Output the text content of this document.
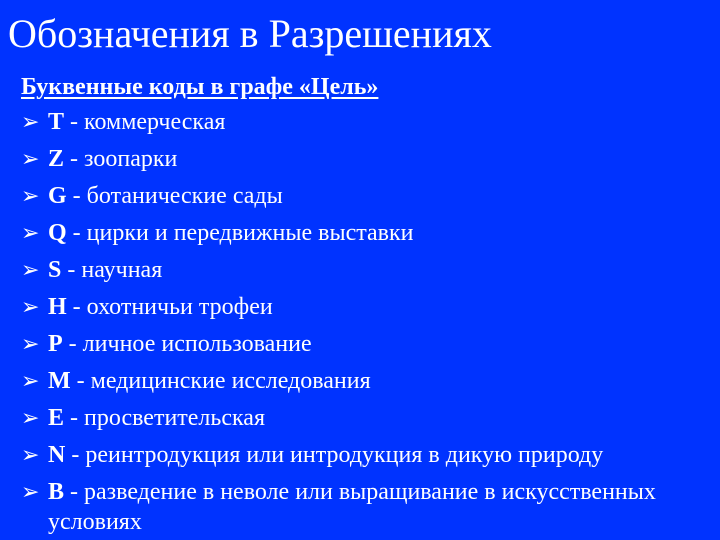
Обозначения в Разрешениях
Буквенные коды в графе «Цель»
➢ T - коммерческая
➢ Z - зоопарки
➢ G - ботанические сады
➢ Q - цирки и передвижные выставки
➢ S - научная
➢ H - охотничьи трофеи
➢ P - личное использование
➢ M - медицинские исследования
➢ E - просветительская
➢ N - реинтродукция или интродукция в дикую природу
➢ B - разведение в неволе или выращивание в искусственных условиях
